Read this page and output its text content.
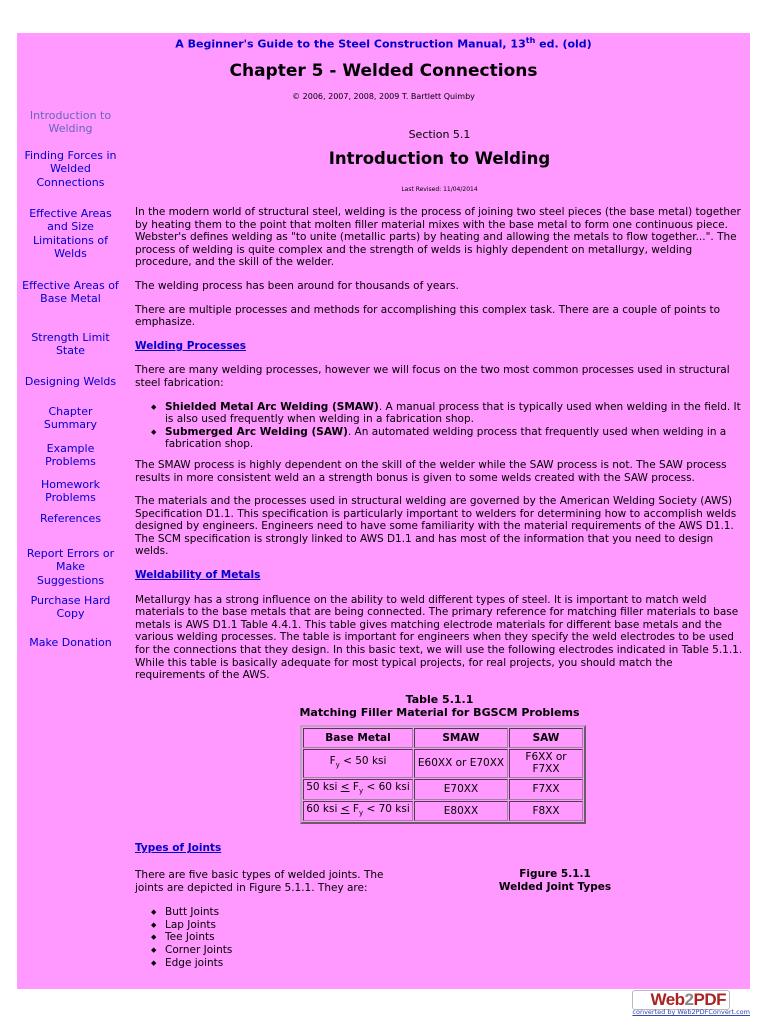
A Beginner's Guide to the Steel Construction Manual, 13th ed. (old)
Chapter 5 - Welded Connections
© 2006, 2007, 2008, 2009 T. Bartlett Quimby
Introduction to Welding
Finding Forces in Welded Connections
Effective Areas and Size Limitations of Welds
Effective Areas of Base Metal
Strength Limit State
Designing Welds
Chapter Summary
Example Problems
Homework Problems
References
Report Errors or Make Suggestions
Purchase Hard Copy
Make Donation
Section 5.1
Introduction to Welding
Last Revised: 11/04/2014

In the modern world of structural steel, welding is the process of joining two steel pieces (the base metal) together by heating them to the point that molten filler material mixes with the base metal to form one continuous piece. Webster's defines welding as "to unite (metallic parts) by heating and allowing the metals to flow together...". The process of welding is quite complex and the strength of welds is highly dependent on metallurgy, welding procedure, and the skill of the welder.

The welding process has been around for thousands of years.

There are multiple processes and methods for accomplishing this complex task. There are a couple of points to emphasize.

Welding Processes

There are many welding processes, however we will focus on the two most common processes used in structural steel fabrication:

◆ Shielded Metal Arc Welding (SMAW). A manual process that is typically used when welding in the field. It is also used frequently when welding in a fabrication shop.
◆ Submerged Arc Welding (SAW). An automated welding process that frequently used when welding in a fabrication shop.

The SMAW process is highly dependent on the skill of the welder while the SAW process is not. The SAW process results in more consistent weld an a strength bonus is given to some welds created with the SAW process.

The materials and the processes used in structural welding are governed by the American Welding Society (AWS) Specification D1.1. This specification is particularly important to welders for determining how to accomplish welds designed by engineers. Engineers need to have some familiarity with the material requirements of the AWS D1.1. The SCM specification is strongly linked to AWS D1.1 and has most of the information that you need to design welds.

Weldability of Metals

Metallurgy has a strong influence on the ability to weld different types of steel. It is important to match weld materials to the base metals that are being connected. The primary reference for matching filler materials to base metals is AWS D1.1 Table 4.4.1. This table gives matching electrode materials for different base metals and the various welding processes. The table is important for engineers when they specify the weld electrodes to be used for the connections that they design. In this basic text, we will use the following electrodes indicated in Table 5.1.1. While this table is basically adequate for most typical projects, for real projects, you should match the requirements of the AWS.

Table 5.1.1
Matching Filler Material for BGSCM Problems
Base Metal	SMAW	SAW
$F_y < 50$ ksi	E60XX or E70XX	F6XX or F7XX
50 ksi < $F_y < 60$ ksi	E70XX	F7XX
60 ksi < $F_y < 70$ ksi	E80XX	F8XX
Types of Joints

There are five basic types of welded joints. The joints are depicted in Figure 5.1.1. They are:

◆ Butt Joints
◆ Lap Joints
◆ Tee Joints
◆ Corner Joints
◆ Edge joints
Figure 5.1.1
Welded Joint Types
Web2PDF
converted by Web2PDFConvert.com
